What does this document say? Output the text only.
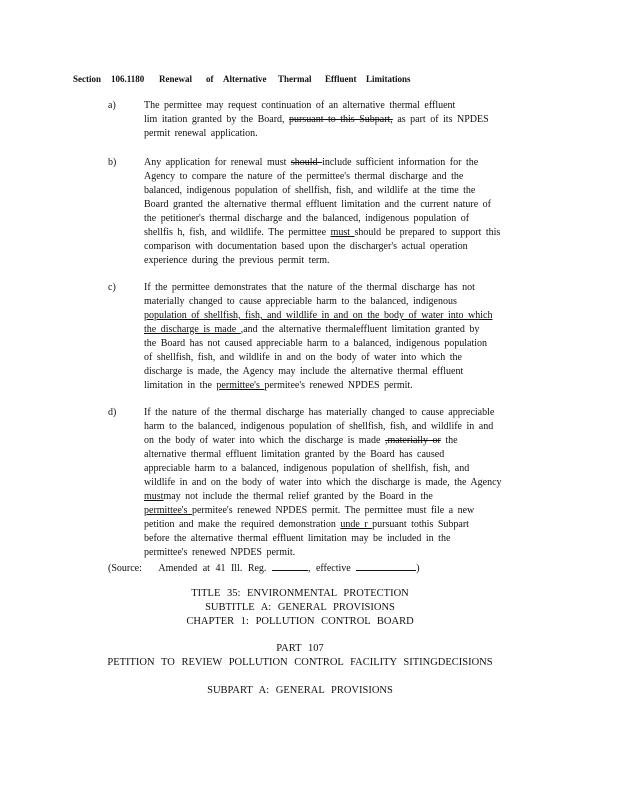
Section 106.1180 Renewal of Alternative Thermal Effluent Limitations
a)	The permittee may request continuation of an alternative thermal effluent
lim itation granted by the Board, pursuant to this Subpart, as part of its NPDES
permit renewal application.
b)	Any application for renewal must should include sufficient information for the
Agency to compare the nature of the permittee's thermal discharge and the
balanced, indigenous population of shellfish, fish, and wildlife at the time the
Board granted the alternative thermal effluent limitation and the current nature of
the petitioner's thermal discharge and the balanced, indigenous population of
shellfis h, fish, and wildlife. The permittee must should be prepared to support this
comparison with documentation based upon the discharger's actual operation
experience during the previous permit term.
c)	If the permittee demonstrates that the nature of the thermal discharge has not
materially changed to cause appreciable harm to the balanced, indigenous
population of shellfish, fish, and wildlife in and on the body of water into which
the discharge is made ,and the alternative thermaleffluent limitation granted by
the Board has not caused appreciable harm to a balanced, indigenous population
of shellfish, fish, and wildlife in and on the body of water into which the
discharge is made, the Agency may include the alternative thermal effluent
limitation in the permittee's permitee's renewed NPDES permit.
d)	If the nature of the thermal discharge has materially changed to cause appreciable
harm to the balanced, indigenous population of shellfish, fish, and wildlife in and
on the body of water into which the discharge is made ,materially or the
alternative thermal effluent limitation granted by the Board has caused
appreciable harm to a balanced, indigenous population of shellfish, fish, and
wildlife in and on the body of water into which the discharge is made, the Agency
mustmay not include the thermal relief granted by the Board in the
permittee's permitee's renewed NPDES permit. The permittee must file a new
petition and make the required demonstration unde r pursuant tothis Subpart
before the alternative thermal effluent limitation may be included in the
permittee's renewed NPDES permit.
(Source: Amended at 41 Ill. Reg.	, effective	)
TITLE 35: ENVIRONMENTAL PROTECTION
SUBTITLE A: GENERAL PROVISIONS
CHAPTER 1: POLLUTION CONTROL BOARD
PART 107
PETITION TO REVIEW POLLUTION CONTROL FACILITY SITINGDECISIONS
SUBPART A: GENERAL PROVISIONS
